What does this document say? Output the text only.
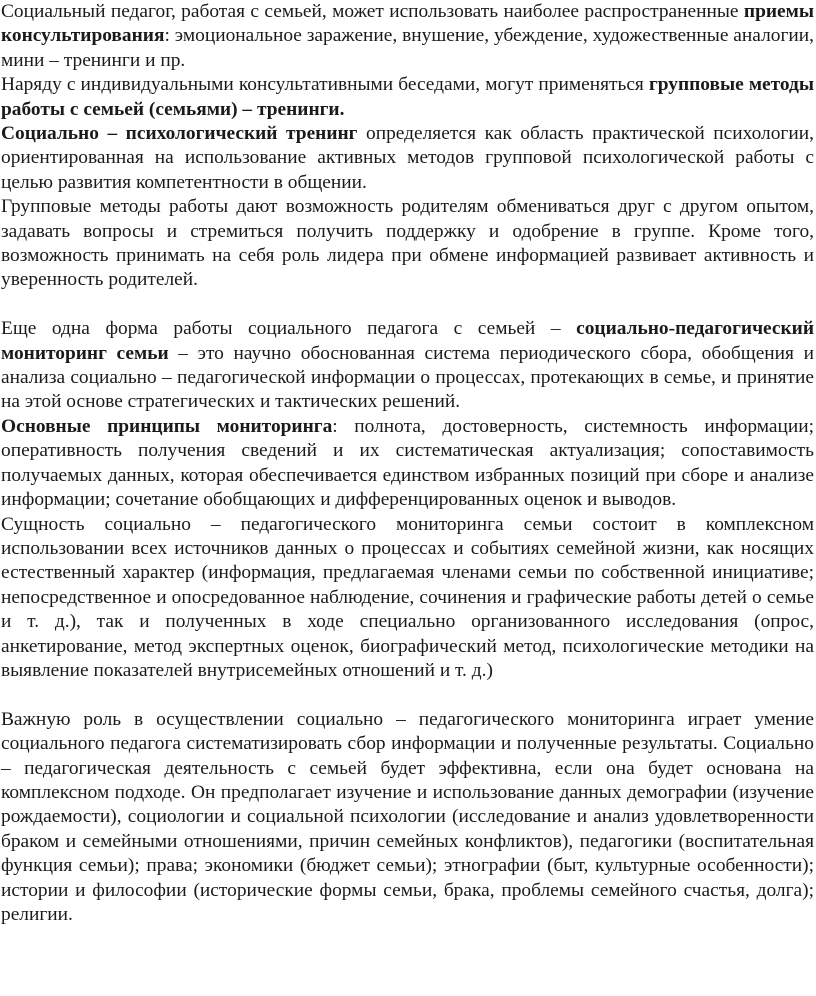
Социальный педагог, работая с семьей, может использовать наиболее распространенные приемы консультирования: эмоциональное заражение, внушение, убеждение, художественные аналогии, мини – тренинги и пр.

Наряду с индивидуальными консультативными беседами, могут применяться групповые методы работы с семьей (семьями) – тренинги.

Социально – психологический тренинг определяется как область практической психологии, ориентированная на использование активных методов групповой психологической работы с целью развития компетентности в общении.

Групповые методы работы дают возможность родителям обмениваться друг с другом опытом, задавать вопросы и стремиться получить поддержку и одобрение в группе. Кроме того, возможность принимать на себя роль лидера при обмене информацией развивает активность и уверенность родителей.

Еще одна форма работы социального педагога с семьей – социально-педагогический мониторинг семьи – это научно обоснованная система периодического сбора, обобщения и анализа социально – педагогической информации о процессах, протекающих в семье, и принятие на этой основе стратегических и тактических решений.

Основные принципы мониторинга: полнота, достоверность, системность информации; оперативность получения сведений и их систематическая актуализация; сопоставимость получаемых данных, которая обеспечивается единством избранных позиций при сборе и анализе информации; сочетание обобщающих и дифференцированных оценок и выводов.

Сущность социально – педагогического мониторинга семьи состоит в комплексном использовании всех источников данных о процессах и событиях семейной жизни, как носящих естественный характер (информация, предлагаемая членами семьи по собственной инициативе; непосредственное и опосредованное наблюдение, сочинения и графические работы детей о семье и т. д.), так и полученных в ходе специально организованного исследования (опрос, анкетирование, метод экспертных оценок, биографический метод, психологические методики на выявление показателей внутрисемейных отношений и т. д.)

Важную роль в осуществлении социально – педагогического мониторинга играет умение социального педагога систематизировать сбор информации и полученные результаты. Социально – педагогическая деятельность с семьей будет эффективна, если она будет основана на комплексном подходе. Он предполагает изучение и использование данных демографии (изучение рождаемости), социологии и социальной психологии (исследование и анализ удовлетворенности браком и семейными отношениями, причин семейных конфликтов), педагогики (воспитательная функция семьи); права; экономики (бюджет семьи); этнографии (быт, культурные особенности); истории и философии (исторические формы семьи, брака, проблемы семейного счастья, долга); религии.
